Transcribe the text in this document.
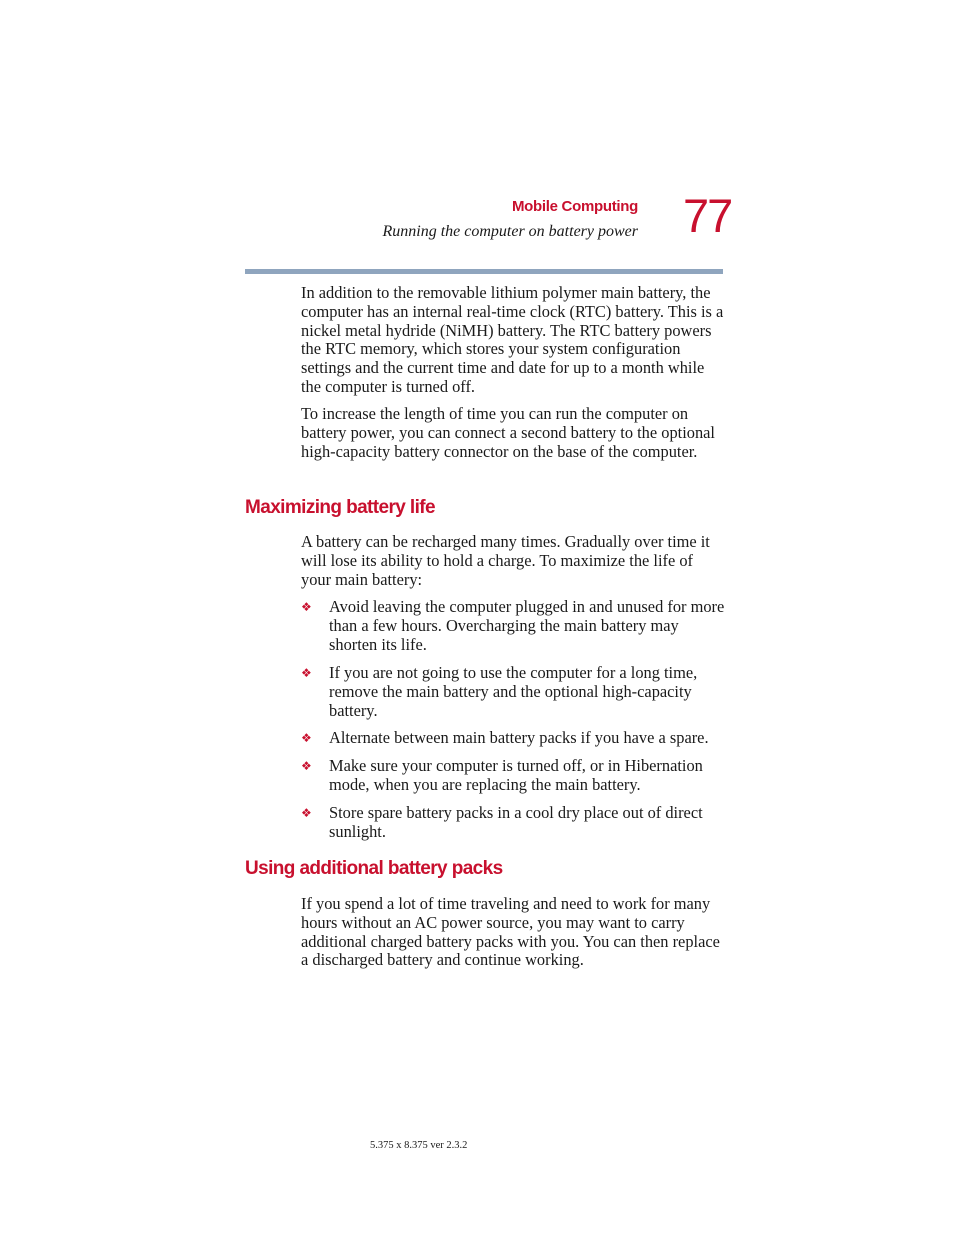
Mobile Computing
Running the computer on battery power 77

In addition to the removable lithium polymer main battery, the computer has an internal real-time clock (RTC) battery. This is a nickel metal hydride (NiMH) battery. The RTC battery powers the RTC memory, which stores your system configuration settings and the current time and date for up to a month while the computer is turned off.

To increase the length of time you can run the computer on battery power, you can connect a second battery to the optional high-capacity battery connector on the base of the computer.

Maximizing battery life

A battery can be recharged many times. Gradually over time it will lose its ability to hold a charge. To maximize the life of your main battery:

❖ Avoid leaving the computer plugged in and unused for more than a few hours. Overcharging the main battery may shorten its life.
❖ If you are not going to use the computer for a long time, remove the main battery and the optional high-capacity battery.
❖ Alternate between main battery packs if you have a spare.
❖ Make sure your computer is turned off, or in Hibernation mode, when you are replacing the main battery.
❖ Store spare battery packs in a cool dry place out of direct sunlight.
Using additional battery packs

If you spend a lot of time traveling and need to work for many hours without an AC power source, you may want to carry additional charged battery packs with you. You can then replace a discharged battery and continue working.

5.375 x 8.375 ver 2.3.2
